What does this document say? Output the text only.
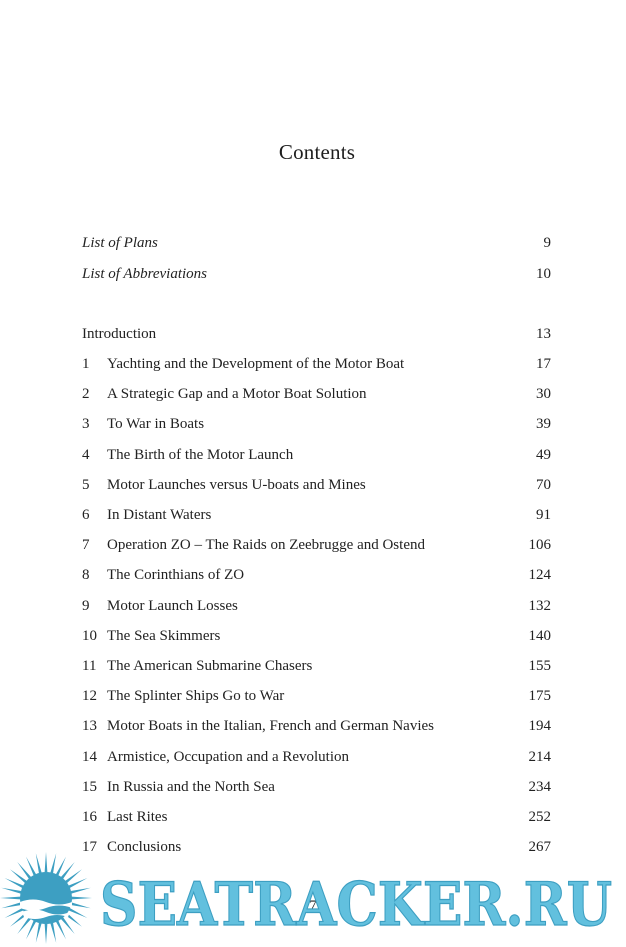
Contents
List of Plans	9
List of Abbreviations	10
Introduction	13
1 Yachting and the Development of the Motor Boat	17
2 A Strategic Gap and a Motor Boat Solution	30
3 To War in Boats	39
4 The Birth of the Motor Launch	49
5 Motor Launches versus U-boats and Mines	70
6 In Distant Waters	91
7 Operation ZO – The Raids on Zeebrugge and Ostend	106
8 The Corinthians of ZO	124
9 Motor Launch Losses	132
10 The Sea Skimmers	140
11 The American Submarine Chasers	155
12 The Splinter Ships Go to War	175
13 Motor Boats in the Italian, French and German Navies	194
14 Armistice, Occupation and a Revolution	214
15 In Russia and the North Sea	234
16 Last Rites	252
17 Conclusions	267
7
SEATRACKER.RU
